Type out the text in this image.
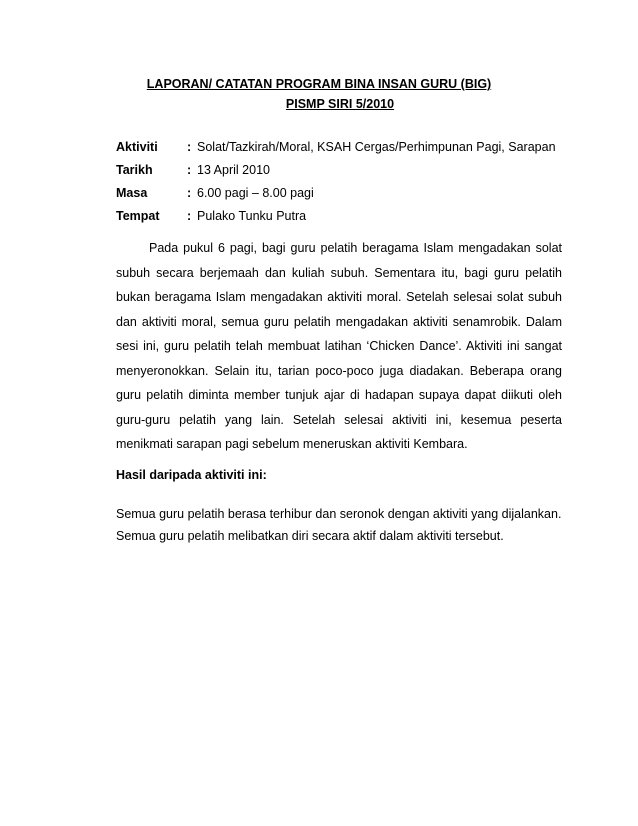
LAPORAN/ CATATAN PROGRAM BINA INSAN GURU (BIG)
PISMP SIRI 5/2010
Aktiviti	: Solat/Tazkirah/Moral, KSAH Cergas/Perhimpunan Pagi, Sarapan
Tarikh	: 13 April 2010
Masa	: 6.00 pagi – 8.00 pagi
Tempat	: Pulako Tunku Putra

Pada pukul 6 pagi, bagi guru pelatih beragama Islam mengadakan solat subuh secara berjemaah dan kuliah subuh. Sementara itu, bagi guru pelatih bukan beragama Islam mengadakan aktiviti moral. Setelah selesai solat subuh dan aktiviti moral, semua guru pelatih mengadakan aktiviti senamrobik. Dalam sesi ini, guru pelatih telah membuat latihan ‘Chicken Dance’. Aktiviti ini sangat menyeronokkan. Selain itu, tarian poco-poco juga diadakan. Beberapa orang guru pelatih diminta member tunjuk ajar di hadapan supaya dapat diikuti oleh guru-guru pelatih yang lain. Setelah selesai aktiviti ini, kesemua peserta menikmati sarapan pagi sebelum meneruskan aktiviti Kembara.

Hasil daripada aktiviti ini:

Semua guru pelatih berasa terhibur dan seronok dengan aktiviti yang dijalankan.
Semua guru pelatih melibatkan diri secara aktif dalam aktiviti tersebut.
